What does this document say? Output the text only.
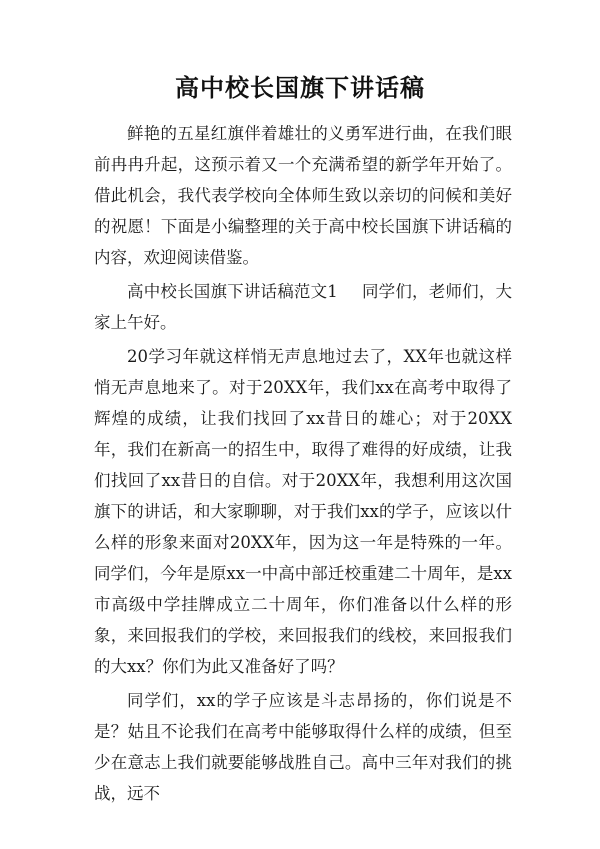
高中校长国旗下讲话稿

鲜艳的五星红旗伴着雄壮的义勇军进行曲，在我们眼前冉冉升起，这预示着又一个充满希望的新学年开始了。借此机会，我代表学校向全体师生致以亲切的问候和美好的祝愿！下面是小编整理的关于高中校长国旗下讲话稿的内容，欢迎阅读借鉴。

高中校长国旗下讲话稿范文1 同学们，老师们，大家上午好。

20学习年就这样悄无声息地过去了，XX年也就这样悄无声息地来了。对于20XX年，我们xx在高考中取得了辉煌的成绩，让我们找回了xx昔日的雄心；对于20XX年，我们在新高一的招生中，取得了难得的好成绩，让我们找回了xx昔日的自信。对于20XX年，我想利用这次国旗下的讲话，和大家聊聊，对于我们xx的学子，应该以什么样的形象来面对20XX年，因为这一年是特殊的一年。同学们，今年是原xx一中高中部迁校重建二十周年，是xx市高级中学挂牌成立二十周年，你们准备以什么样的形象，来回报我们的学校，来回报我们的线校，来回报我们的大xx？你们为此又准备好了吗？

同学们，xx的学子应该是斗志昂扬的，你们说是不是？姑且不论我们在高考中能够取得什么样的成绩，但至少在意志上我们就要能够战胜自己。高中三年对我们的挑战，远不
